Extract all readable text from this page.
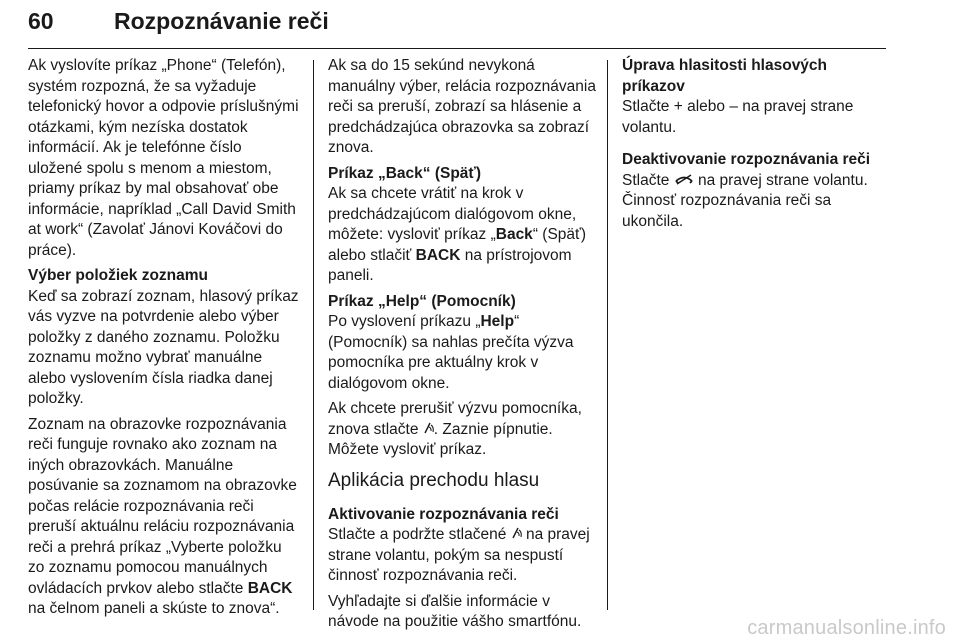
60	Rozpoznávanie reči

Ak vyslovíte príkaz „Phone“ (Telefón), systém rozpozná, že sa vyžaduje telefonický hovor a odpovie príslušnými otázkami, kým nezíska dostatok informácií. Ak je telefónne číslo uložené spolu s menom a miestom, priamy príkaz by mal obsahovať obe informácie, napríklad „Call David Smith at work“ (Zavolať Jánovi Kováčovi do práce).

Výber položiek zoznamu
Keď sa zobrazí zoznam, hlasový príkaz vás vyzve na potvrdenie alebo výber položky z daného zoznamu. Položku zoznamu možno vybrať manuálne alebo vyslovením čísla riadka danej položky.

Zoznam na obrazovke rozpoznávania reči funguje rovnako ako zoznam na iných obrazovkách. Manuálne posúvanie sa zoznamom na obrazovke počas relácie rozpoznávania reči preruší aktuálnu reláciu rozpoznávania reči a prehrá príkaz „Vyberte položku zo zoznamu pomocou manuálnych ovládacích prvkov alebo stlačte BACK na čelnom paneli a skúste to znova“.

Ak sa do 15 sekúnd nevykoná manuálny výber, relácia rozpoznávania reči sa preruší, zobrazí sa hlásenie a predchádzajúca obrazovka sa zobrazí znova.

Príkaz „Back“ (Späť)
Ak sa chcete vrátiť na krok v predchádzajúcom dialógovom okne, môžete: vysloviť príkaz „Back“ (Späť) alebo stlačiť BACK na prístrojovom paneli.

Príkaz „Help“ (Pomocník)
Po vyslovení príkazu „Help“ (Pomocník) sa nahlas prečíta výzva pomocníka pre aktuálny krok v dialógovom okne.

Ak chcete prerušiť výzvu pomocníka, znova stlačte . Zaznie pípnutie. Môžete vysloviť príkaz.

Aplikácia prechodu hlasu

Aktivovanie rozpoznávania reči
Stlačte a podržte stlačené  na pravej strane volantu, pokým sa nespustí činnosť rozpoznávania reči.

Vyhľadajte si ďalšie informácie v návode na použitie vášho smartfónu.

Úprava hlasitosti hlasových príkazov
Stlačte + alebo – na pravej strane volantu.

Deaktivovanie rozpoznávania reči
Stlačte  na pravej strane volantu. Činnosť rozpoznávania reči sa ukončila.

carmanualsonline.info
